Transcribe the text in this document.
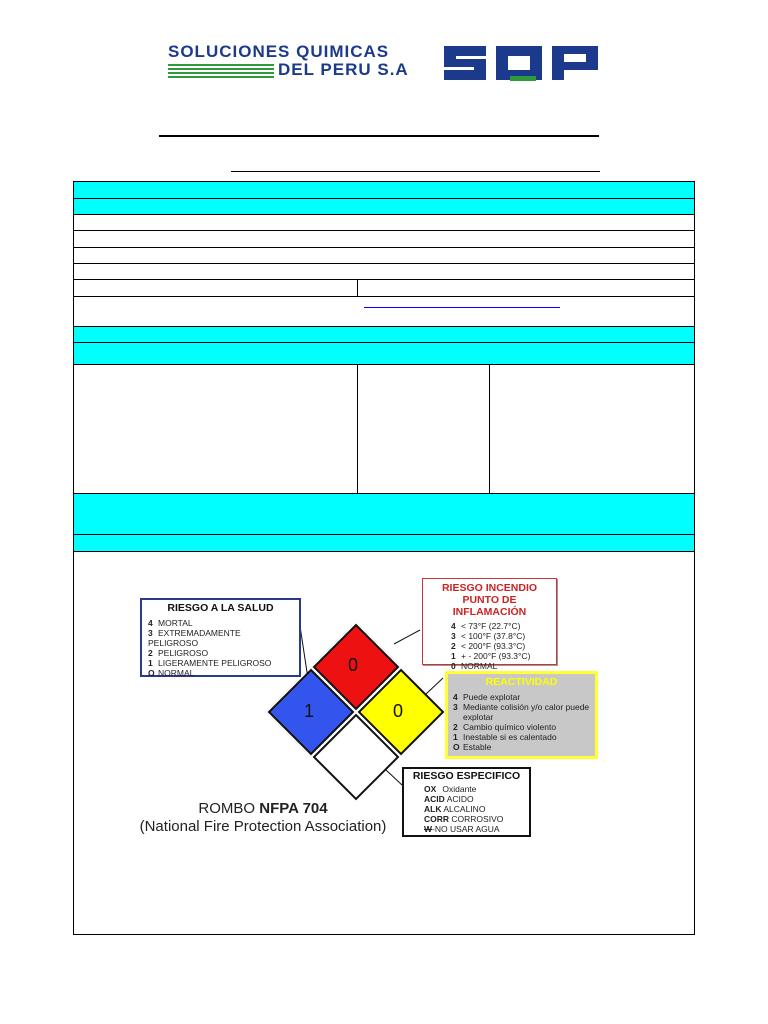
SOLUCIONES QUIMICAS
DEL PERU S.A
0
1	0
RIESGO A LA SALUD
4 MORTAL
3 EXTREMADAMENTE PELIGROSO
2 PELIGROSO
1 LIGERAMENTE PELIGROSO
O NORMAL
RIESGO INCENDIO
PUNTO DE INFLAMACIÓN
4 < 73°F (22.7°C)
3 < 100°F (37.8°C)
2 < 200°F (93.3°C)
1 + - 200°F (93.3°C)
0 NORMAL
REACTIVIDAD
4 Puede explotar
3 Mediante colisión y/o calor puede explotar
2 Cambio químico violento
1 Inestable si es calentado
O Estable
RIESGO ESPECIFICO
OX Oxidante
ACID ACIDO
ALK ALCALINO
CORR CORROSIVO
W-NO USAR AGUA
ROMBO NFPA 704
(National Fire Protection Association)
